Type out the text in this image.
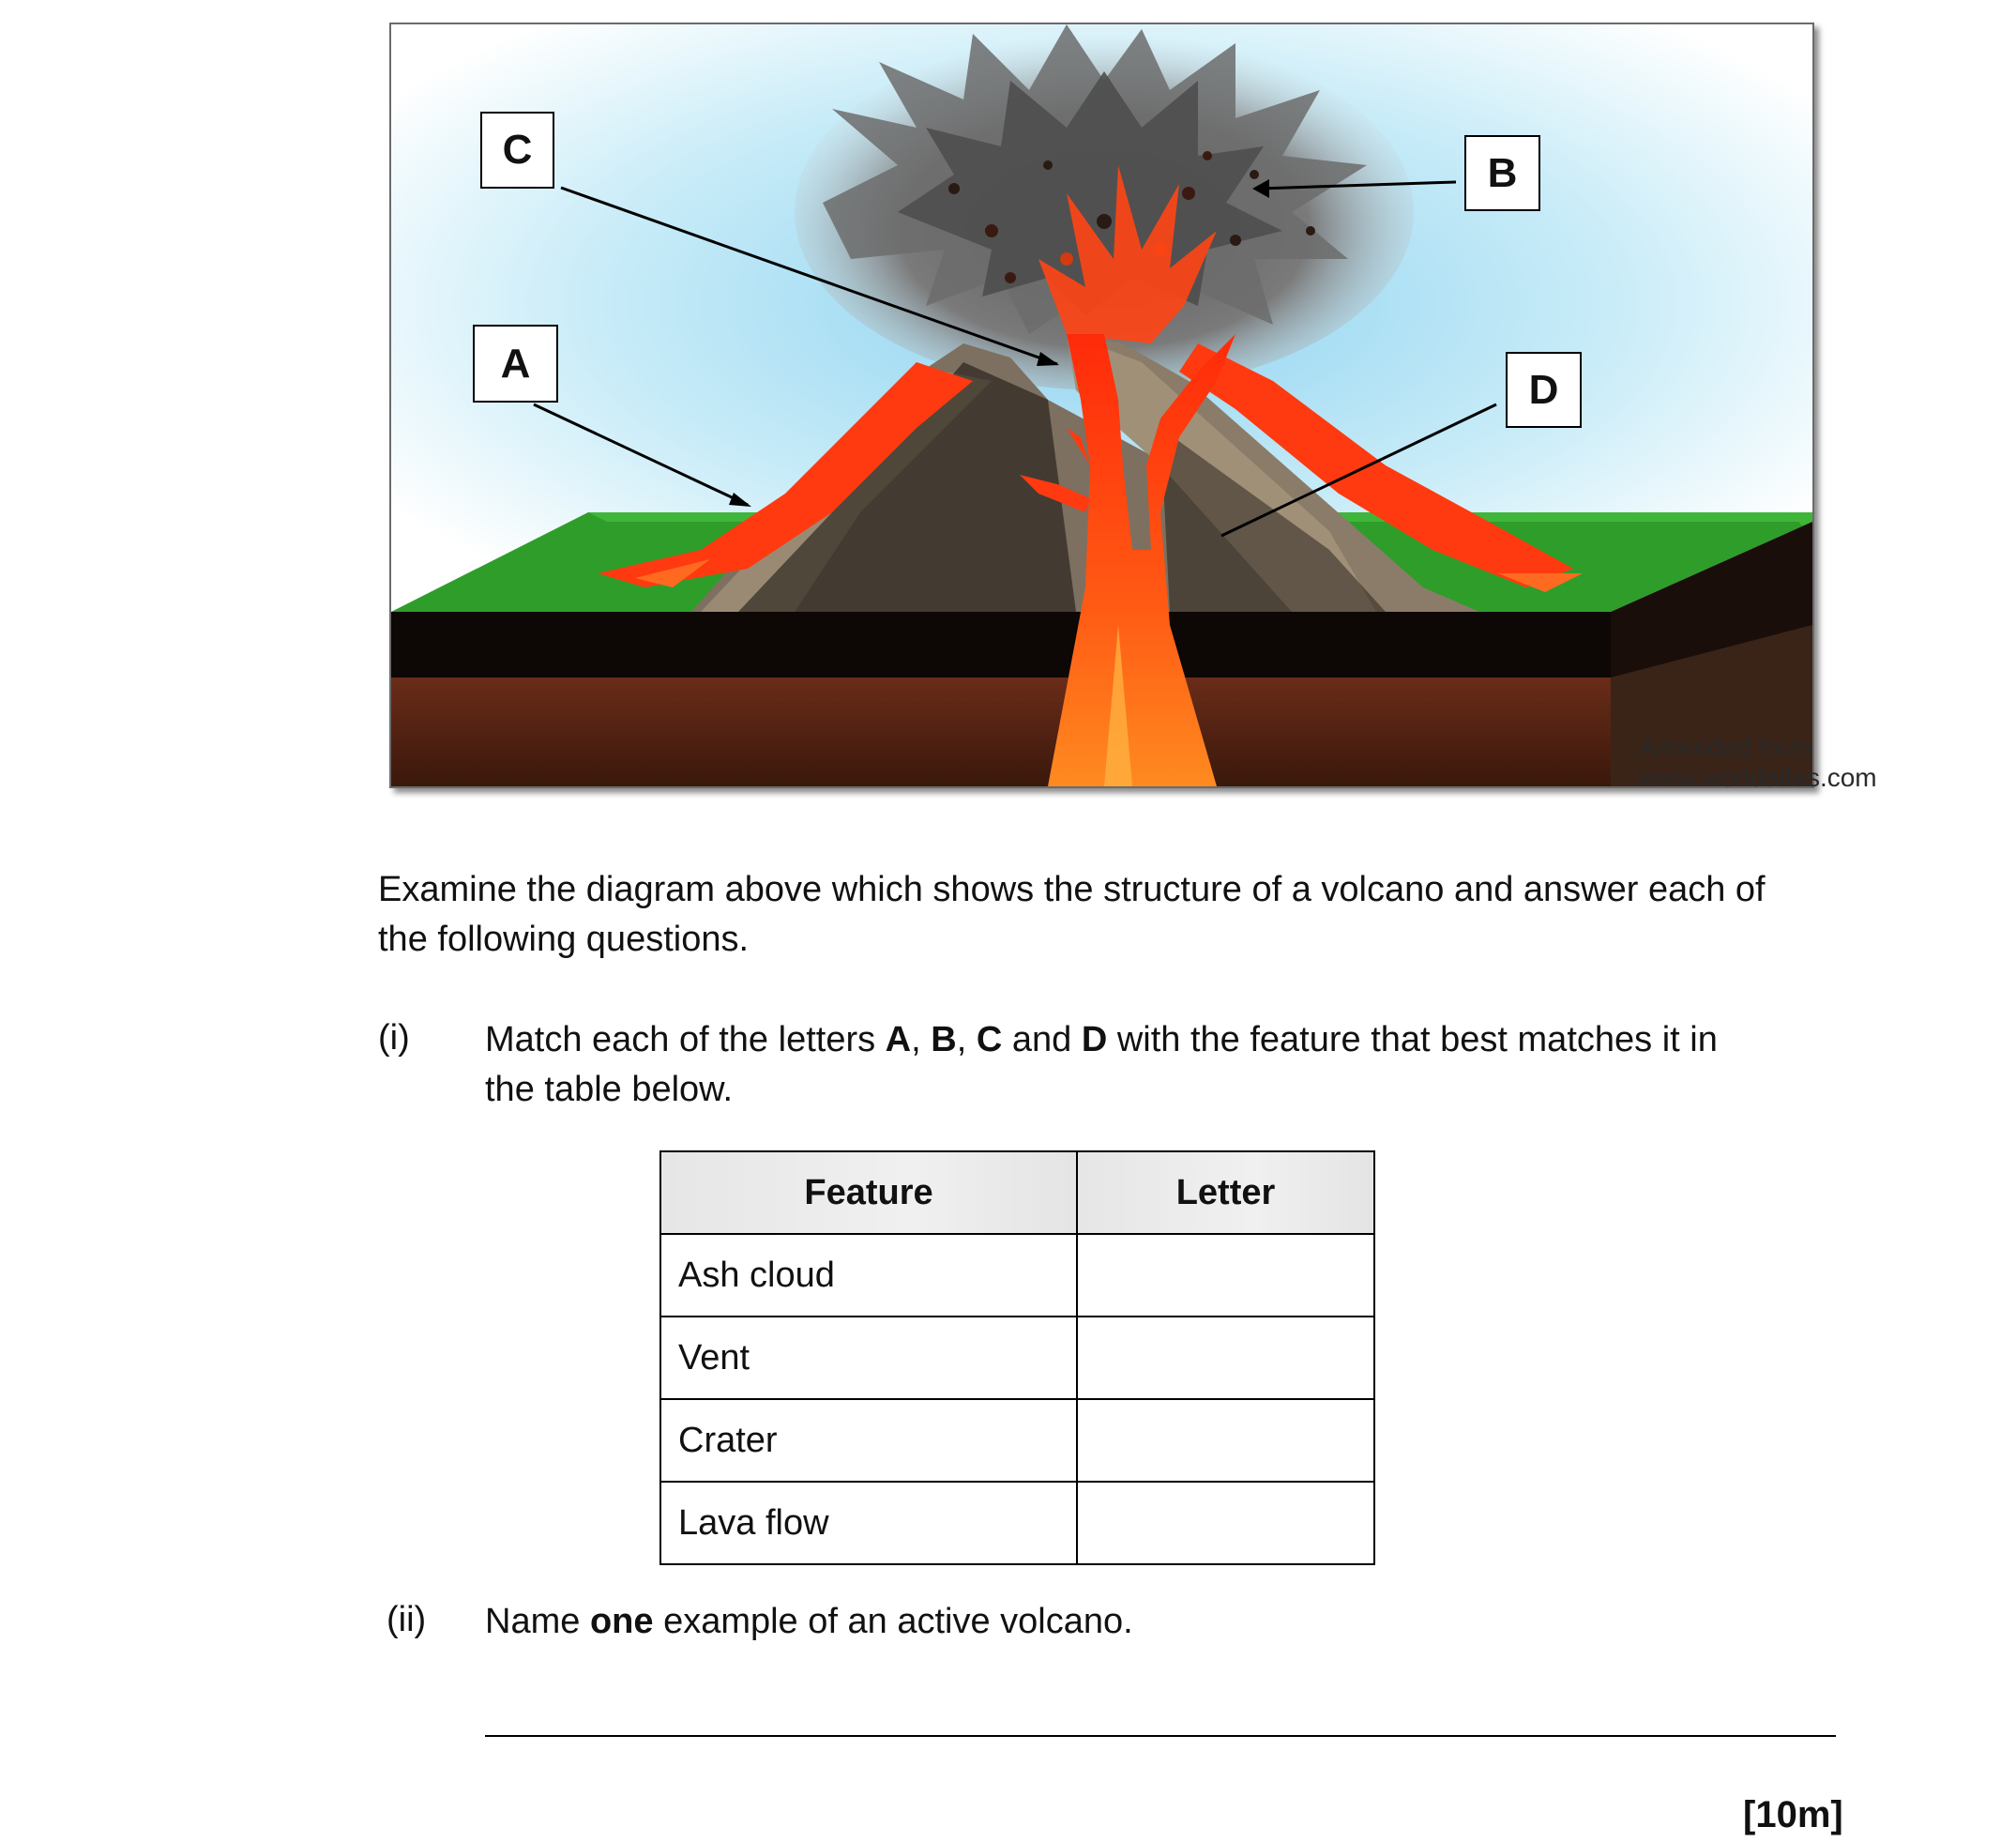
C
A
B
D
Amended from www.worldatlas.com
Examine the diagram above which shows the structure of a volcano and answer each of
the following questions.
(i) Match each of the letters A, B, C and D with the feature that best matches it in
the table below.
Feature	Letter
Ash cloud	
Vent	
Crater	
Lava flow	
(ii) Name one example of an active volcano.
[10m]
